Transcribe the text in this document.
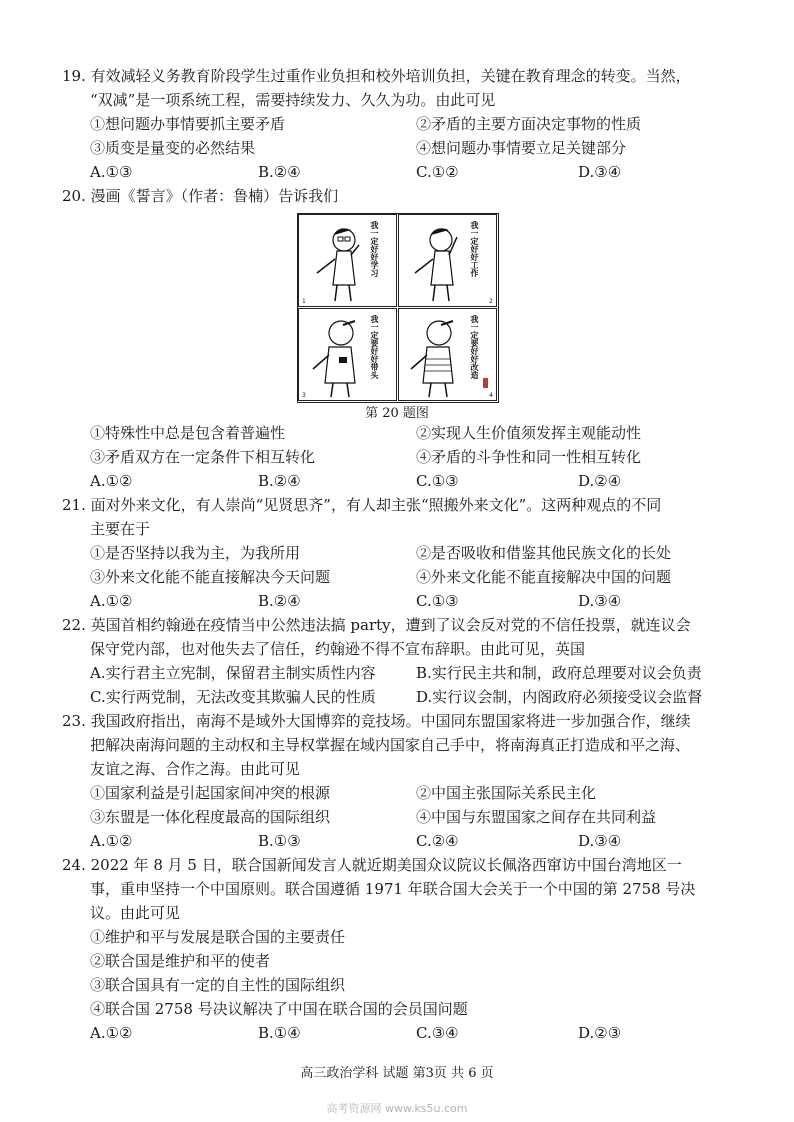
19. 有效减轻义务教育阶段学生过重作业负担和校外培训负担，关键在教育理念的转变。当然，
“双减”是一项系统工程，需要持续发力、久久为功。由此可见
①想问题办事情要抓主要矛盾	②矛盾的主要方面决定事物的性质
③质变是量变的必然结果	④想问题办事情要立足关键部分
A.①③	B.②④	C.①②	D.③④
20. 漫画《誓言》（作者：鲁楠）告诉我们
我一定好好学习
1
我一定好好工作
2
我一定要好好带头
3
我一定要好好改造
4
第 20 题图
①特殊性中总是包含着普遍性	②实现人生价值须发挥主观能动性
③矛盾双方在一定条件下相互转化	④矛盾的斗争性和同一性相互转化
A.①②	B.②④	C.①③	D.②④
21. 面对外来文化，有人崇尚“见贤思齐”，有人却主张“照搬外来文化”。这两种观点的不同
主要在于
①是否坚持以我为主，为我所用	②是否吸收和借鉴其他民族文化的长处
③外来文化能不能直接解决今天问题	④外来文化能不能直接解决中国的问题
A.①②	B.②④	C.①③	D.③④
22. 英国首相约翰逊在疫情当中公然违法搞 party，遭到了议会反对党的不信任投票，就连议会
保守党内部，也对他失去了信任，约翰逊不得不宣布辞职。由此可见，英国
A.实行君主立宪制，保留君主制实质性内容	B.实行民主共和制，政府总理要对议会负责
C.实行两党制，无法改变其欺骗人民的性质	D.实行议会制，内阁政府必须接受议会监督
23. 我国政府指出，南海不是域外大国博弈的竞技场。中国同东盟国家将进一步加强合作，继续
把解决南海问题的主动权和主导权掌握在域内国家自己手中，将南海真正打造成和平之海、
友谊之海、合作之海。由此可见
①国家利益是引起国家间冲突的根源	②中国主张国际关系民主化
③东盟是一体化程度最高的国际组织	④中国与东盟国家之间存在共同利益
A.①②	B.①③	C.②④	D.③④
24. 2022 年 8 月 5 日，联合国新闻发言人就近期美国众议院议长佩洛西窜访中国台湾地区一
事，重申坚持一个中国原则。联合国遵循 1971 年联合国大会关于一个中国的第 2758 号决
议。由此可见
①维护和平与发展是联合国的主要责任
②联合国是维护和平的使者
③联合国具有一定的自主性的国际组织
④联合国 2758 号决议解决了中国在联合国的会员国问题
A.①②	B.①④	C.③④	D.②③
高三政治学科 试题 第3页 共 6 页
高考资源网 www.ks5u.com
